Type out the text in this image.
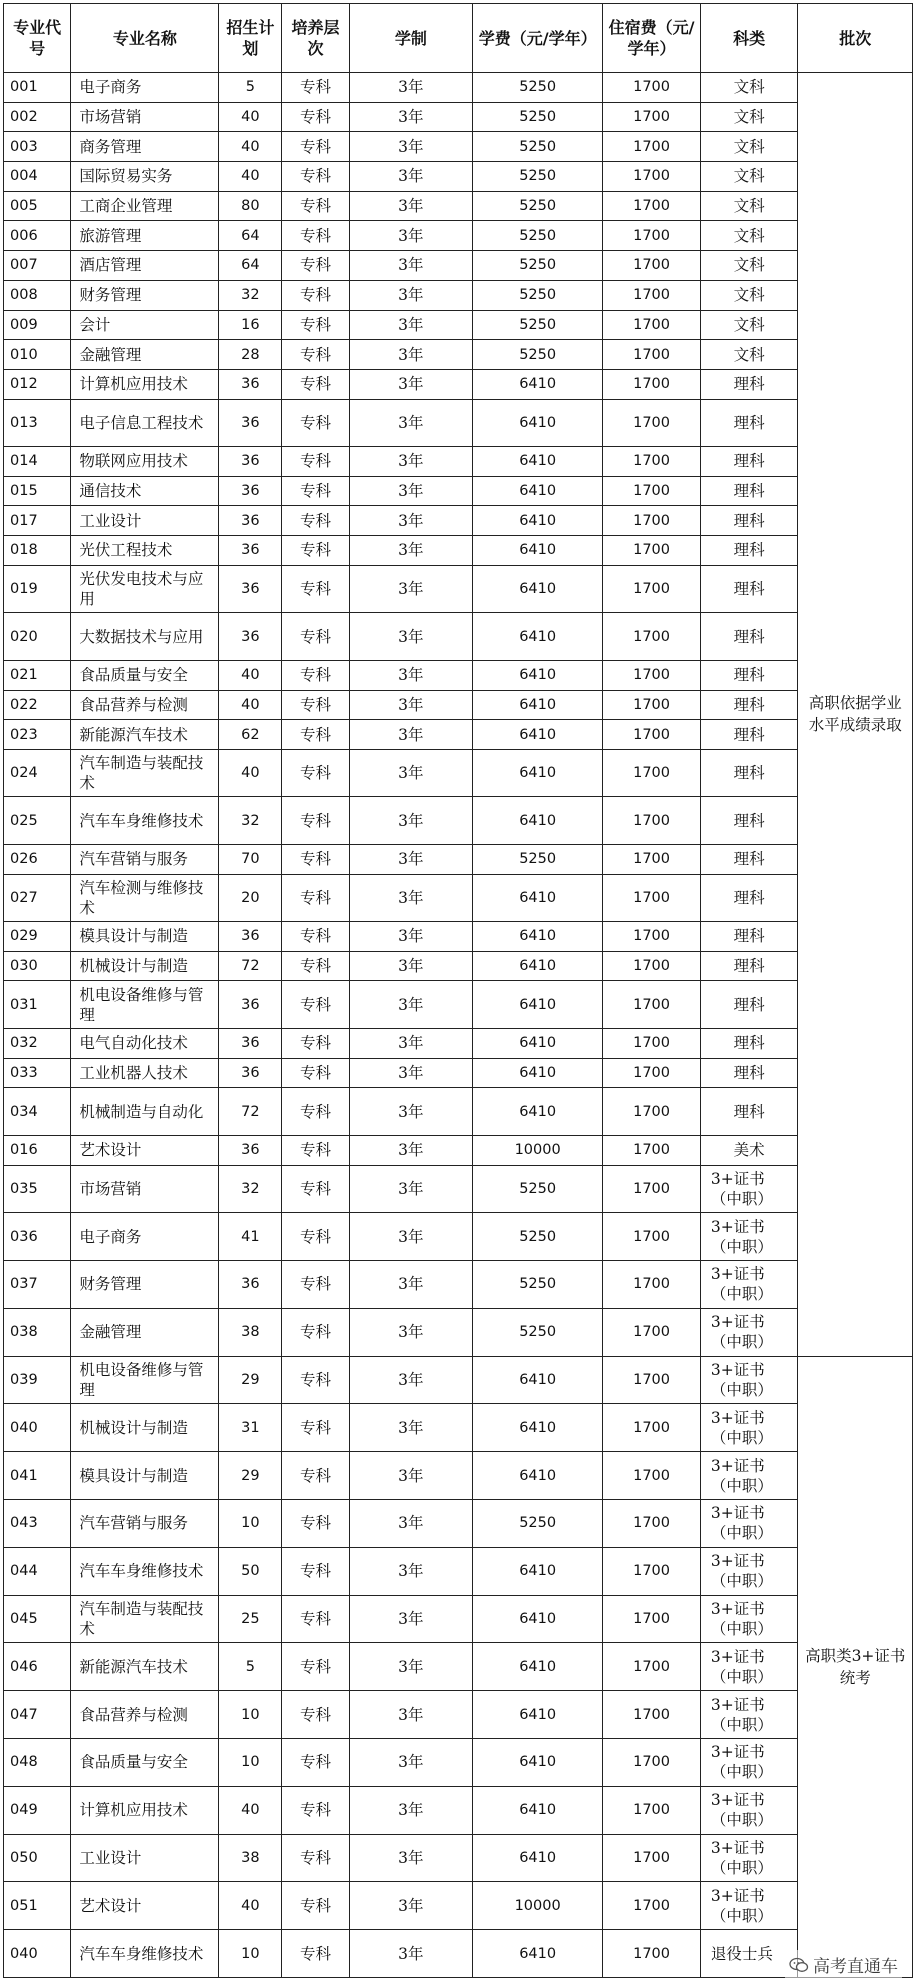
专业代号	专业名称	招生计划	培养层次	学制	学费（元/学年）	住宿费（元/学年）	科类	批次
001	电子商务	5	专科	3年	5250	1700	文科	高职依据学业水平成绩录取
002	市场营销	40	专科	3年	5250	1700	文科	
003	商务管理	40	专科	3年	5250	1700	文科	
004	国际贸易实务	40	专科	3年	5250	1700	文科	
005	工商企业管理	80	专科	3年	5250	1700	文科	
006	旅游管理	64	专科	3年	5250	1700	文科	
007	酒店管理	64	专科	3年	5250	1700	文科	
008	财务管理	32	专科	3年	5250	1700	文科	
009	会计	16	专科	3年	5250	1700	文科	
010	金融管理	28	专科	3年	5250	1700	文科	
012	计算机应用技术	36	专科	3年	6410	1700	理科	
013	电子信息工程技术	36	专科	3年	6410	1700	理科	
014	物联网应用技术	36	专科	3年	6410	1700	理科	
015	通信技术	36	专科	3年	6410	1700	理科	
017	工业设计	36	专科	3年	6410	1700	理科	
018	光伏工程技术	36	专科	3年	6410	1700	理科	
019	光伏发电技术与应用	36	专科	3年	6410	1700	理科	
020	大数据技术与应用	36	专科	3年	6410	1700	理科	
021	食品质量与安全	40	专科	3年	6410	1700	理科	
022	食品营养与检测	40	专科	3年	6410	1700	理科	
023	新能源汽车技术	62	专科	3年	6410	1700	理科	
024	汽车制造与装配技术	40	专科	3年	6410	1700	理科	
025	汽车车身维修技术	32	专科	3年	6410	1700	理科	
026	汽车营销与服务	70	专科	3年	5250	1700	理科	
027	汽车检测与维修技术	20	专科	3年	6410	1700	理科	
029	模具设计与制造	36	专科	3年	6410	1700	理科	
030	机械设计与制造	72	专科	3年	6410	1700	理科	
031	机电设备维修与管理	36	专科	3年	6410	1700	理科	
032	电气自动化技术	36	专科	3年	6410	1700	理科	
033	工业机器人技术	36	专科	3年	6410	1700	理科	
034	机械制造与自动化	72	专科	3年	6410	1700	理科	
016	艺术设计	36	专科	3年	10000	1700	美术	
035	市场营销	32	专科	3年	5250	1700	3+证书（中职）	
036	电子商务	41	专科	3年	5250	1700	3+证书（中职）	
037	财务管理	36	专科	3年	5250	1700	3+证书（中职）	
038	金融管理	38	专科	3年	5250	1700	3+证书（中职）	
039	机电设备维修与管理	29	专科	3年	6410	1700	3+证书（中职）	高职类3+证书统考
040	机械设计与制造	31	专科	3年	6410	1700	3+证书（中职）	
041	模具设计与制造	29	专科	3年	6410	1700	3+证书（中职）	
043	汽车营销与服务	10	专科	3年	5250	1700	3+证书（中职）	
044	汽车车身维修技术	50	专科	3年	6410	1700	3+证书（中职）	
045	汽车制造与装配技术	25	专科	3年	6410	1700	3+证书（中职）	
046	新能源汽车技术	5	专科	3年	6410	1700	3+证书（中职）	
047	食品营养与检测	10	专科	3年	6410	1700	3+证书（中职）	
048	食品质量与安全	10	专科	3年	6410	1700	3+证书（中职）	
049	计算机应用技术	40	专科	3年	6410	1700	3+证书（中职）	
050	工业设计	38	专科	3年	6410	1700	3+证书（中职）	
051	艺术设计	40	专科	3年	10000	1700	3+证书（中职）	
040	汽车车身维修技术	10	专科	3年	6410	1700	退役士兵	
高考直通车
